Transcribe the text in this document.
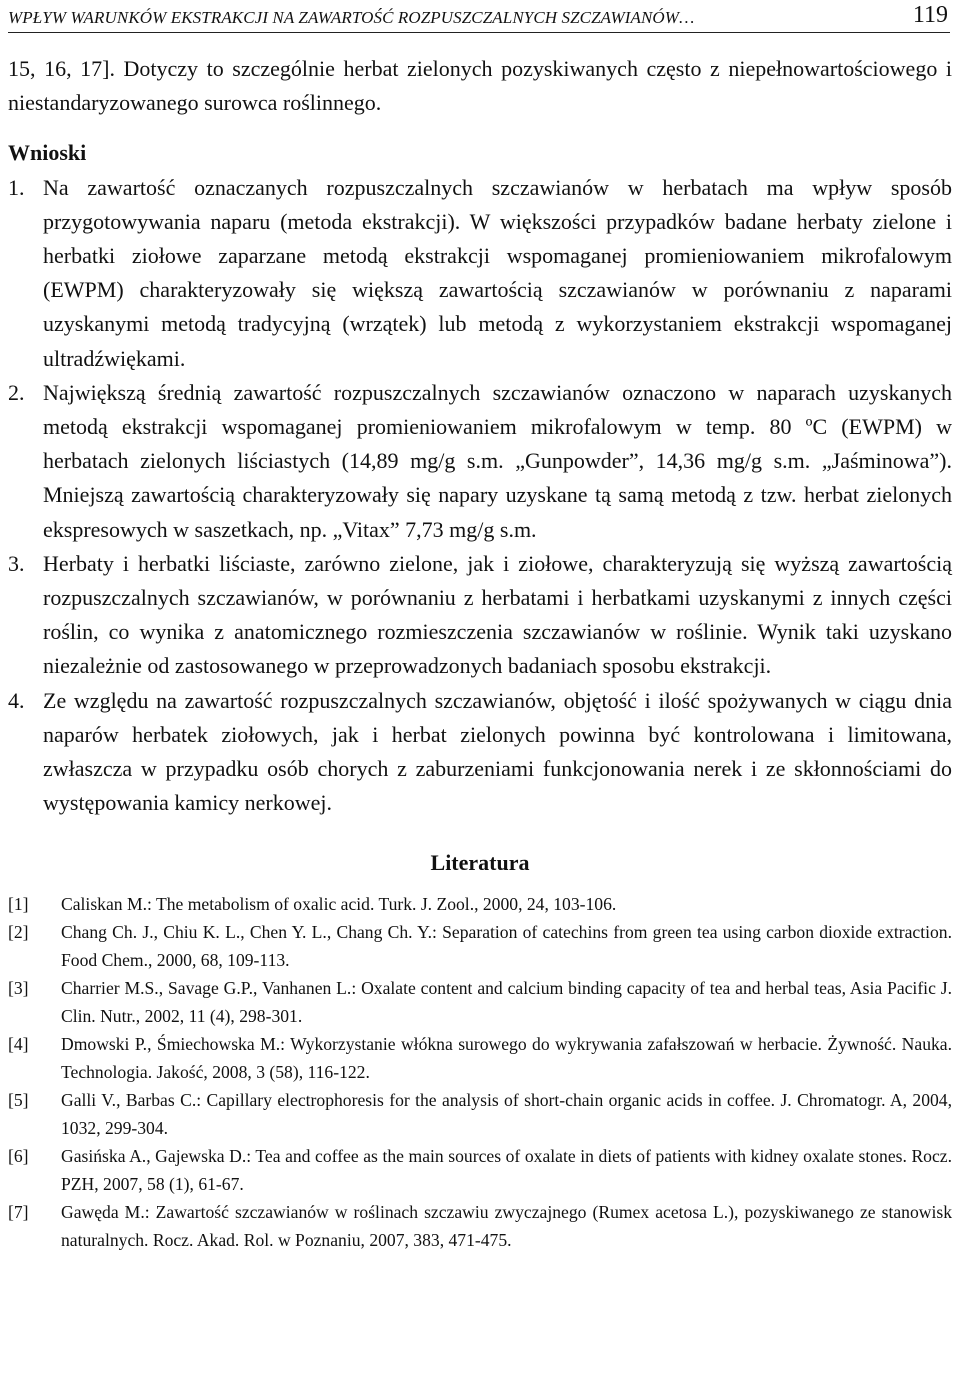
WPŁYW WARUNKÓW EKSTRAKCJI NA ZAWARTOŚĆ ROZPUSZCZALNYCH SZCZAWIANÓW…	119

15, 16, 17]. Dotyczy to szczególnie herbat zielonych pozyskiwanych często z niepełnowartościowego i niestandaryzowanego surowca roślinnego.

Wnioski
1. Na zawartość oznaczanych rozpuszczalnych szczawianów w herbatach ma wpływ sposób przygotowywania naparu (metoda ekstrakcji). W większości przypadków badane herbaty zielone i herbatki ziołowe zaparzane metodą ekstrakcji wspomaganej promieniowaniem mikrofalowym (EWPM) charakteryzowały się większą zawartością szczawianów w porównaniu z naparami uzyskanymi metodą tradycyjną (wrzątek) lub metodą z wykorzystaniem ekstrakcji wspomaganej ultradźwiękami.
2. Największą średnią zawartość rozpuszczalnych szczawianów oznaczono w naparach uzyskanych metodą ekstrakcji wspomaganej promieniowaniem mikrofalowym w temp. 80 ºC (EWPM) w herbatach zielonych liściastych (14,89 mg/g s.m. „Gunpowder”, 14,36 mg/g s.m. „Jaśminowa”). Mniejszą zawartością charakteryzowały się napary uzyskane tą samą metodą z tzw. herbat zielonych ekspresowych w saszetkach, np. „Vitax” 7,73 mg/g s.m.
3. Herbaty i herbatki liściaste, zarówno zielone, jak i ziołowe, charakteryzują się wyższą zawartością rozpuszczalnych szczawianów, w porównaniu z herbatami i herbatkami uzyskanymi z innych części roślin, co wynika z anatomicznego rozmieszczenia szczawianów w roślinie. Wynik taki uzyskano niezależnie od zastosowanego w przeprowadzonych badaniach sposobu ekstrakcji.
4. Ze względu na zawartość rozpuszczalnych szczawianów, objętość i ilość spożywanych w ciągu dnia naparów herbatek ziołowych, jak i herbat zielonych powinna być kontrolowana i limitowana, zwłaszcza w przypadku osób chorych z zaburzeniami funkcjonowania nerek i ze skłonnościami do występowania kamicy nerkowej.
Literatura
[1] Caliskan M.: The metabolism of oxalic acid. Turk. J. Zool., 2000, 24, 103-106.
[2] Chang Ch. J., Chiu K. L., Chen Y. L., Chang Ch. Y.: Separation of catechins from green tea using carbon dioxide extraction. Food Chem., 2000, 68, 109-113.
[3] Charrier M.S., Savage G.P., Vanhanen L.: Oxalate content and calcium binding capacity of tea and herbal teas, Asia Pacific J. Clin. Nutr., 2002, 11 (4), 298-301.
[4] Dmowski P., Śmiechowska M.: Wykorzystanie włókna surowego do wykrywania zafałszowań w herbacie. Żywność. Nauka. Technologia. Jakość, 2008, 3 (58), 116-122.
[5] Galli V., Barbas C.: Capillary electrophoresis for the analysis of short-chain organic acids in coffee. J. Chromatogr. A, 2004, 1032, 299-304.
[6] Gasińska A., Gajewska D.: Tea and coffee as the main sources of oxalate in diets of patients with kidney oxalate stones. Rocz. PZH, 2007, 58 (1), 61-67.
[7] Gawęda M.: Zawartość szczawianów w roślinach szczawiu zwyczajnego (Rumex acetosa L.), pozyskiwanego ze stanowisk naturalnych. Rocz. Akad. Rol. w Poznaniu, 2007, 383, 471-475.
